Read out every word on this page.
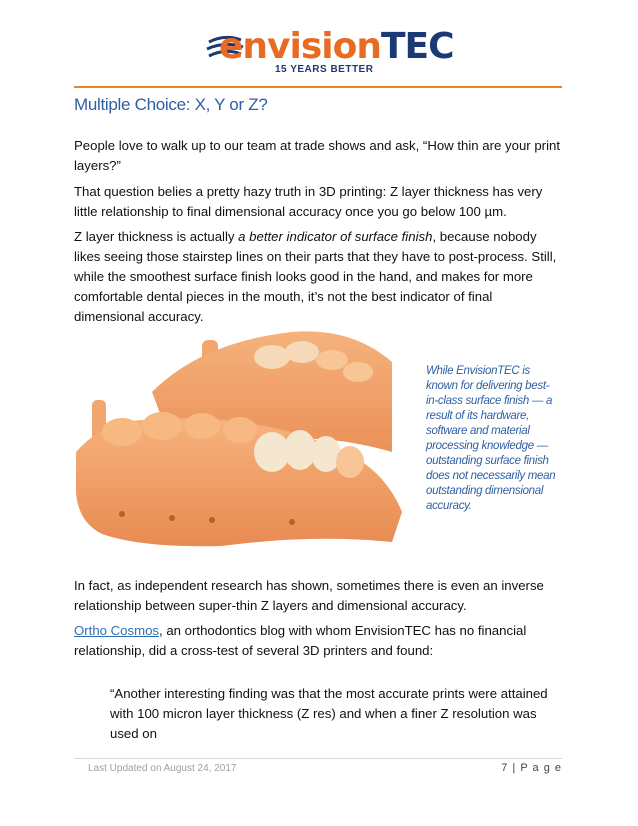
envisionTEC
15 YEARS BETTER
Multiple Choice: X, Y or Z?

People love to walk up to our team at trade shows and ask, “How thin are your print layers?”

That question belies a pretty hazy truth in 3D printing: Z layer thickness has very little relationship to final dimensional accuracy once you go below 100 µm.

Z layer thickness is actually a better indicator of surface finish, because nobody likes seeing those stairstep lines on their parts that they have to post-process. Still, while the smoothest surface finish looks good in the hand, and makes for more comfortable dental pieces in the mouth, it’s not the best indicator of final dimensional accuracy.

While EnvisionTEC is known for delivering best-in-class surface finish — a result of its hardware, software and material processing knowledge — outstanding surface finish does not necessarily mean outstanding dimensional accuracy.

In fact, as independent research has shown, sometimes there is even an inverse relationship between super-thin Z layers and dimensional accuracy.

Ortho Cosmos, an orthodontics blog with whom EnvisionTEC has no financial relationship, did a cross-test of several 3D printers and found:

“Another interesting finding was that the most accurate prints were attained with 100 micron layer thickness (Z res) and when a finer Z resolution was used on

Last Updated on August 24, 2017	7 | P a g e
